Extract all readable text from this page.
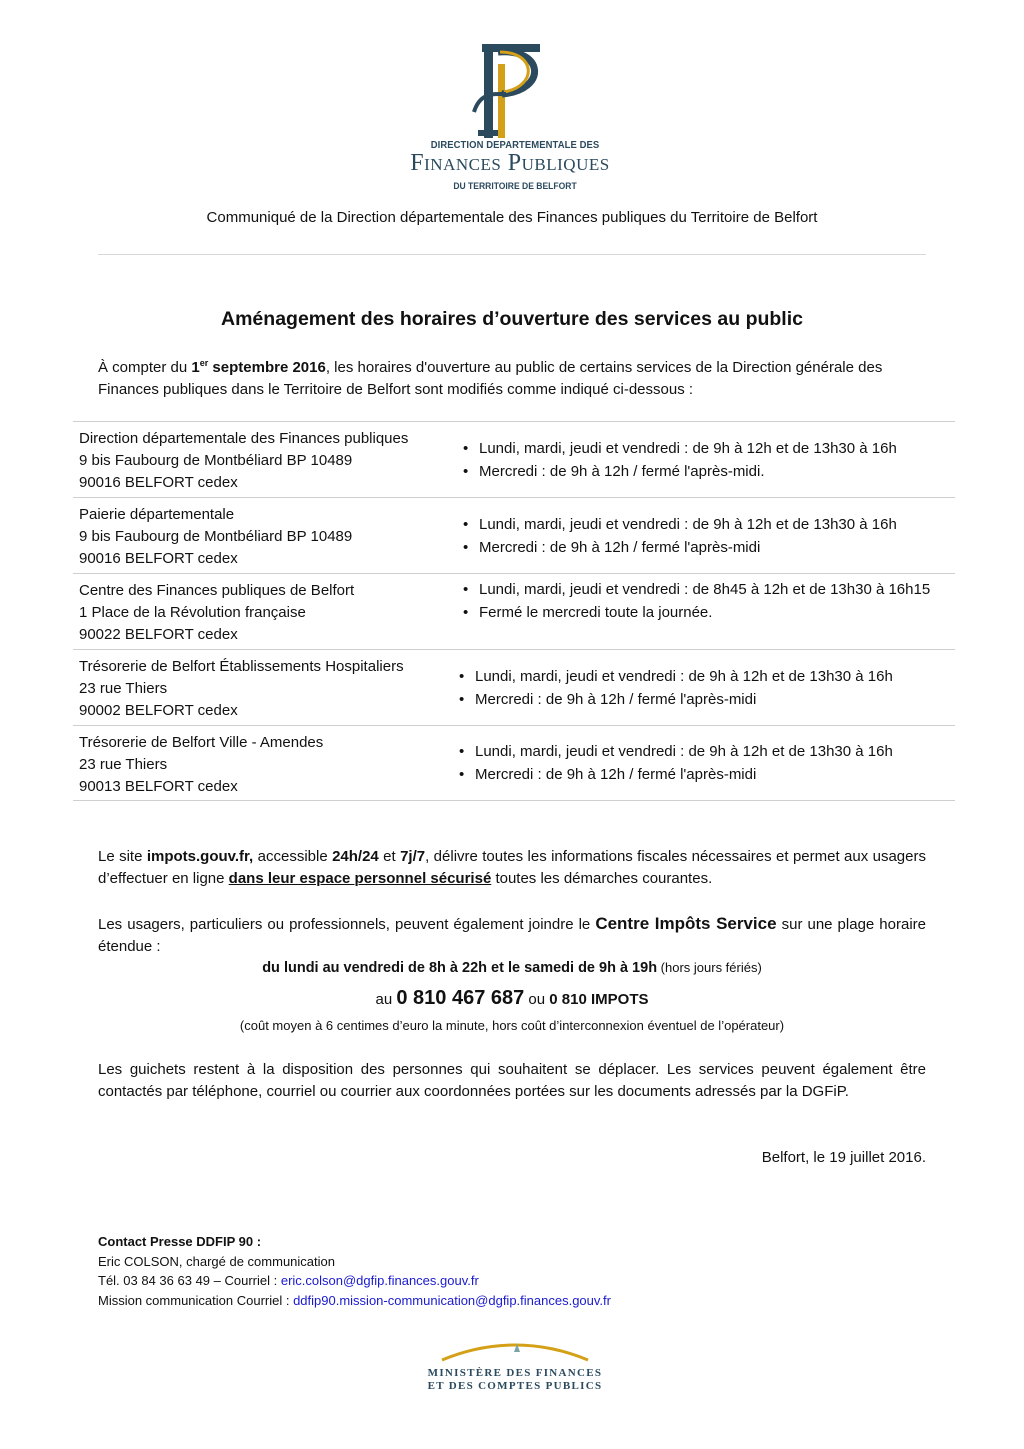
DIRECTION DEPARTEMENTALE DES
Finances Publiques
DU TERRITOIRE DE BELFORT
Communiqué de la Direction départementale des Finances publiques du Territoire de Belfort
Aménagement des horaires d’ouverture des services au public

À compter du 1er septembre 2016, les horaires d'ouverture au public de certains services de la Direction générale des Finances publiques dans le Territoire de Belfort sont modifiés comme indiqué ci-dessous :

Direction départementale des Finances publiques
9 bis Faubourg de Montbéliard BP 10489
90016 BELFORT cedex
• Lundi, mardi, jeudi et vendredi : de 9h à 12h et de 13h30 à 16h
• Mercredi : de 9h à 12h / fermé l'après-midi.
Paierie départementale
9 bis Faubourg de Montbéliard BP 10489
90016 BELFORT cedex
• Lundi, mardi, jeudi et vendredi : de 9h à 12h et de 13h30 à 16h
• Mercredi : de 9h à 12h / fermé l'après-midi
Centre des Finances publiques de Belfort
1 Place de la Révolution française
90022 BELFORT cedex
• Lundi, mardi, jeudi et vendredi : de 8h45 à 12h et de 13h30 à 16h15
• Fermé le mercredi toute la journée.
Trésorerie de Belfort Établissements Hospitaliers
23 rue Thiers
90002 BELFORT cedex
• Lundi, mardi, jeudi et vendredi : de 9h à 12h et de 13h30 à 16h
• Mercredi : de 9h à 12h / fermé l'après-midi
Trésorerie de Belfort Ville - Amendes
23 rue Thiers
90013 BELFORT cedex
• Lundi, mardi, jeudi et vendredi : de 9h à 12h et de 13h30 à 16h
• Mercredi : de 9h à 12h / fermé l'après-midi

Le site impots.gouv.fr, accessible 24h/24 et 7j/7, délivre toutes les informations fiscales nécessaires et permet aux usagers d’effectuer en ligne dans leur espace personnel sécurisé toutes les démarches courantes.

Les usagers, particuliers ou professionnels, peuvent également joindre le Centre Impôts Service sur une plage horaire étendue :

du lundi au vendredi de 8h à 22h et le samedi de 9h à 19h (hors jours fériés)
au 0 810 467 687 ou 0 810 IMPOTS
(coût moyen à 6 centimes d’euro la minute, hors coût d’interconnexion éventuel de l’opérateur)

Les guichets restent à la disposition des personnes qui souhaitent se déplacer. Les services peuvent également être contactés par téléphone, courriel ou courrier aux coordonnées portées sur les documents adressés par la DGFiP.

Belfort, le 19 juillet 2016.
Contact Presse DDFIP 90 :
Eric COLSON, chargé de communication
Tél. 03 84 36 63 49 – Courriel : eric.colson@dgfip.finances.gouv.fr
Mission communication Courriel : ddfip90.mission-communication@dgfip.finances.gouv.fr
MINISTÈRE DES FINANCES
ET DES COMPTES PUBLICS
